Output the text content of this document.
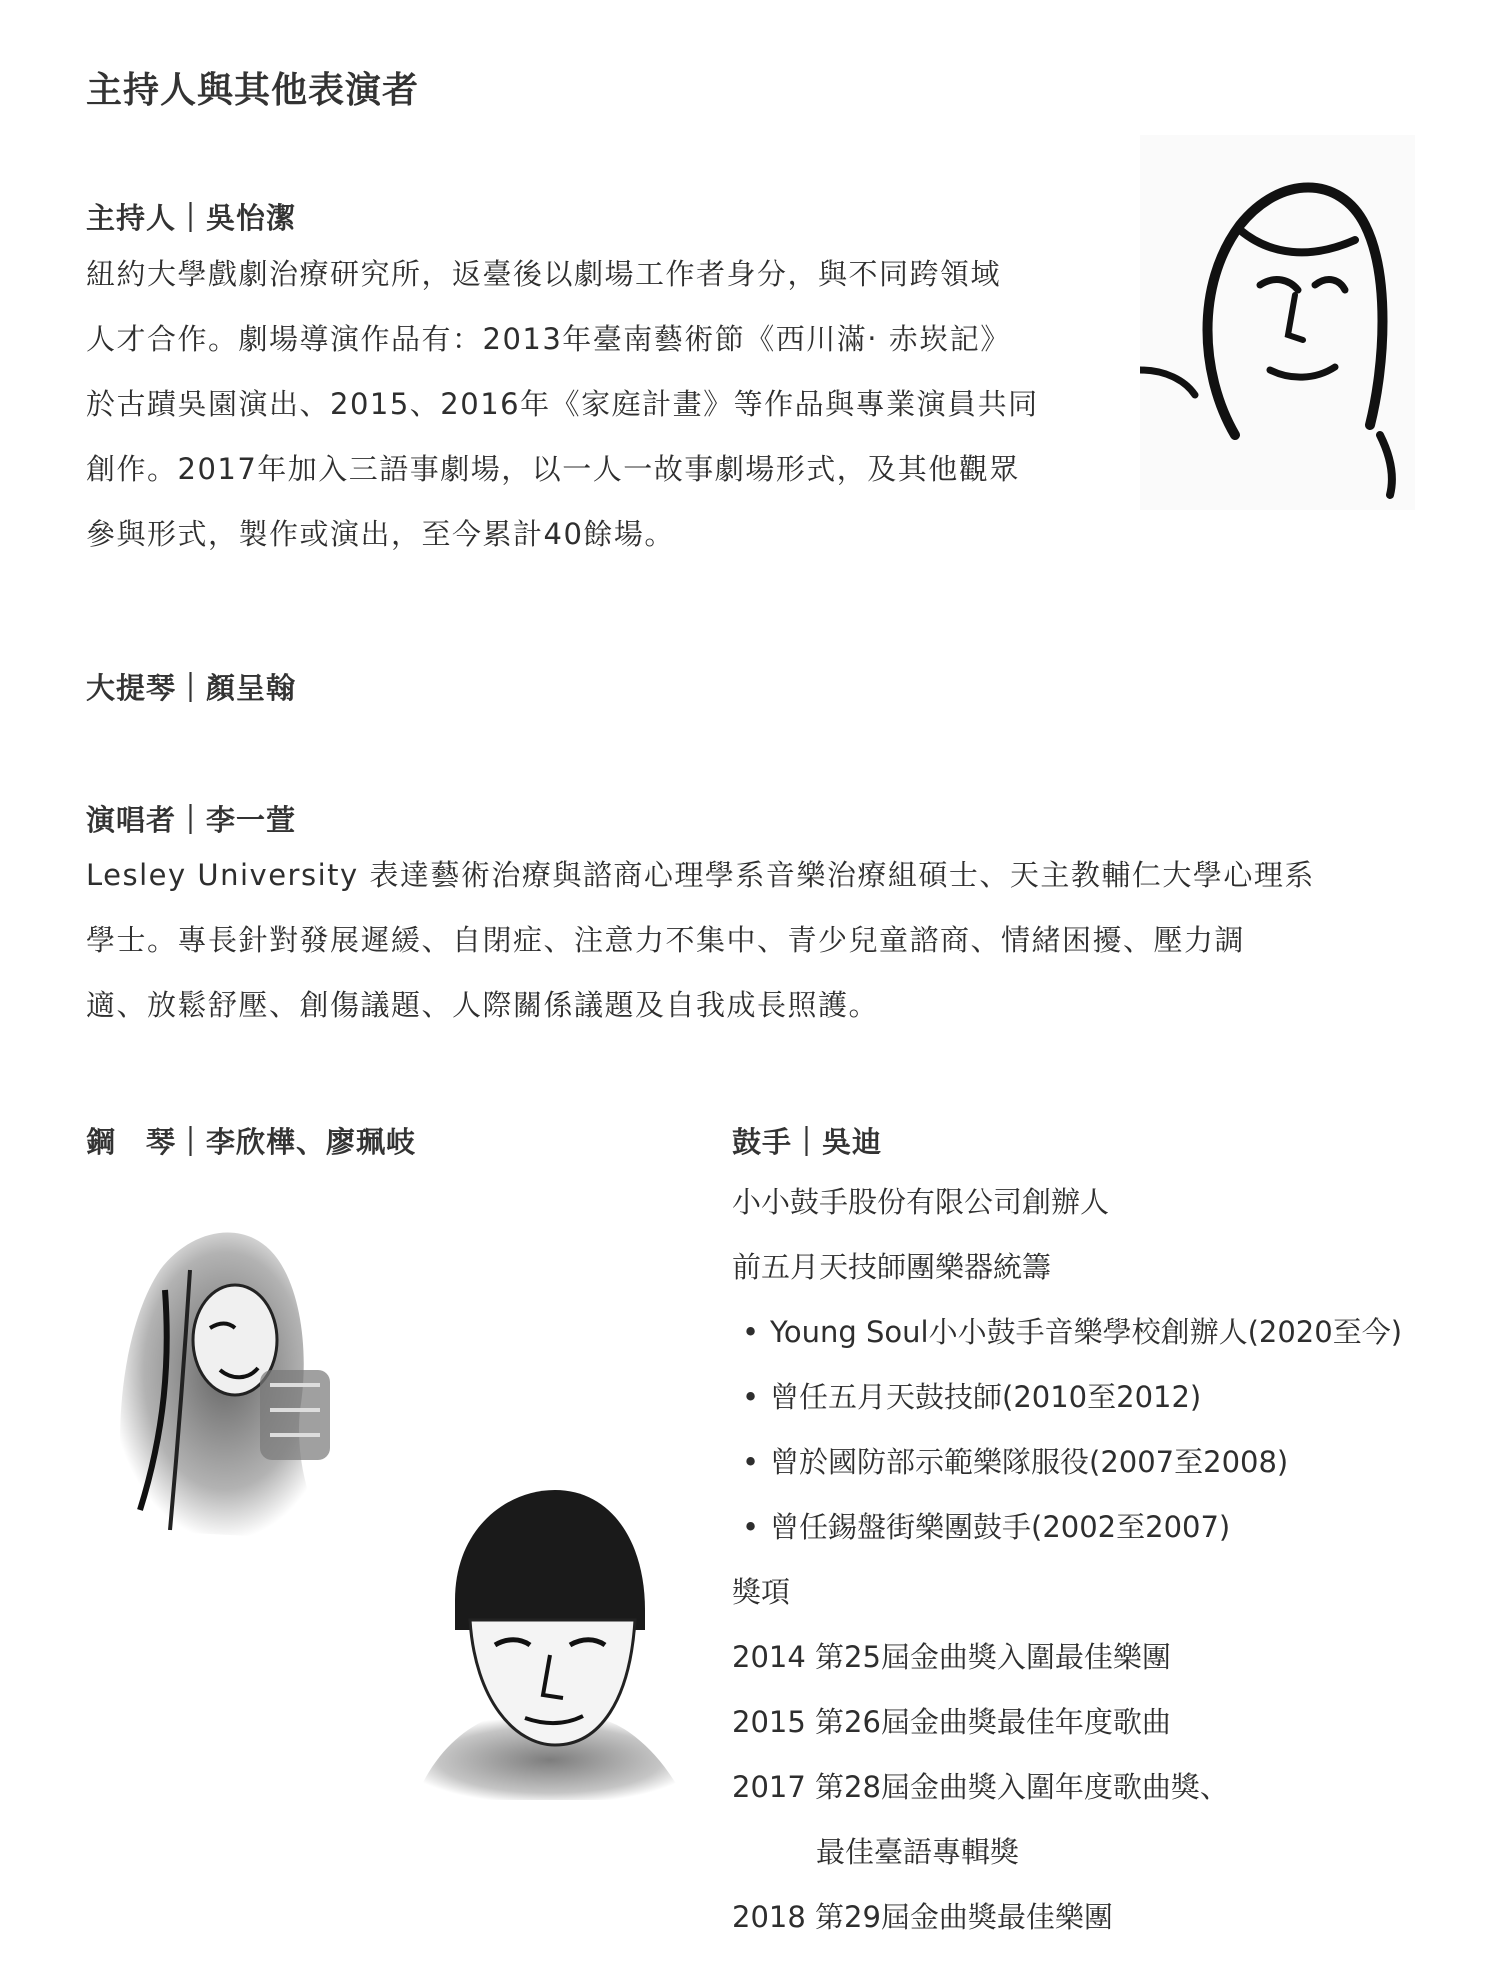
主持人與其他表演者
主持人｜吳怡潔
紐約大學戲劇治療研究所，返臺後以劇場工作者身分，與不同跨領域
人才合作。劇場導演作品有：2013年臺南藝術節《西川滿‧ 赤崁記》
於古蹟吳園演出、2015、2016年《家庭計畫》等作品與專業演員共同
創作。2017年加入三語事劇場，以一人一故事劇場形式，及其他觀眾
參與形式，製作或演出，至今累計40餘場。
大提琴｜顏呈翰
演唱者｜李一萱
Lesley University 表達藝術治療與諮商心理學系音樂治療組碩士、天主教輔仁大學心理系
學士。專長針對發展遲緩、自閉症、注意力不集中、青少兒童諮商、情緒困擾、壓力調
適、放鬆舒壓、創傷議題、人際關係議題及自我成長照護。
鋼　琴｜李欣樺、廖珮岐	鼓手｜吳迪
小小鼓手股份有限公司創辦人
前五月天技師團樂器統籌
• Young Soul小小鼓手音樂學校創辦人(2020至今)
• 曾任五月天鼓技師(2010至2012)
• 曾於國防部示範樂隊服役(2007至2008)
• 曾任錫盤街樂團鼓手(2002至2007)
獎項
2014 第25屆金曲獎入圍最佳樂團
2015 第26屆金曲獎最佳年度歌曲
2017 第28屆金曲獎入圍年度歌曲獎、
最佳臺語專輯獎
2018 第29屆金曲獎最佳樂團
